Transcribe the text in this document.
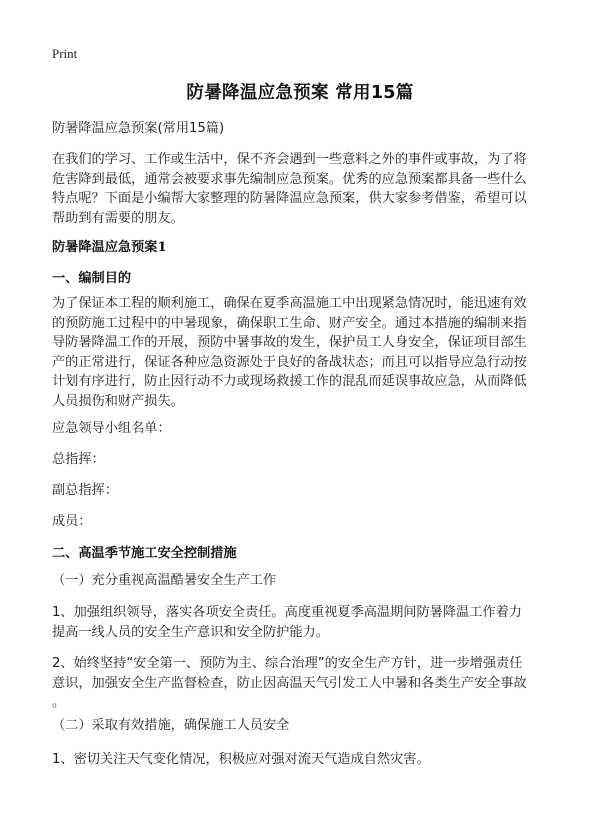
Print
防暑降温应急预案 常用15篇

防暑降温应急预案(常用15篇)

在我们的学习、工作或生活中，保不齐会遇到一些意料之外的事件或事故，为了将
危害降到最低，通常会被要求事先编制应急预案。优秀的应急预案都具备一些什么
特点呢？下面是小编帮大家整理的防暑降温应急预案，供大家参考借鉴，希望可以
帮助到有需要的朋友。

防暑降温应急预案1

一、编制目的

为了保证本工程的顺利施工，确保在夏季高温施工中出现紧急情况时，能迅速有效
的预防施工过程中的中暑现象，确保职工生命、财产安全。通过本措施的编制来指
导防暑降温工作的开展，预防中暑事故的发生，保护员工人身安全，保证项目部生
产的正常进行，保证各种应急资源处于良好的备战状态；而且可以指导应急行动按
计划有序进行，防止因行动不力或现场救援工作的混乱而延误事故应急，从而降低
人员损伤和财产损失。

应急领导小组名单：

总指挥：

副总指挥：

成员：

二、高温季节施工安全控制措施

（一）充分重视高温酷暑安全生产工作

1、加强组织领导，落实各项安全责任。高度重视夏季高温期间防暑降温工作着力
提高一线人员的安全生产意识和安全防护能力。

2、始终坚持“安全第一、预防为主、综合治理”的安全生产方针，进一步增强责任
意识，加强安全生产监督检查，防止因高温天气引发工人中暑和各类生产安全事故
。

（二）采取有效措施，确保施工人员安全

1、密切关注天气变化情况，积极应对强对流天气造成自然灾害。
